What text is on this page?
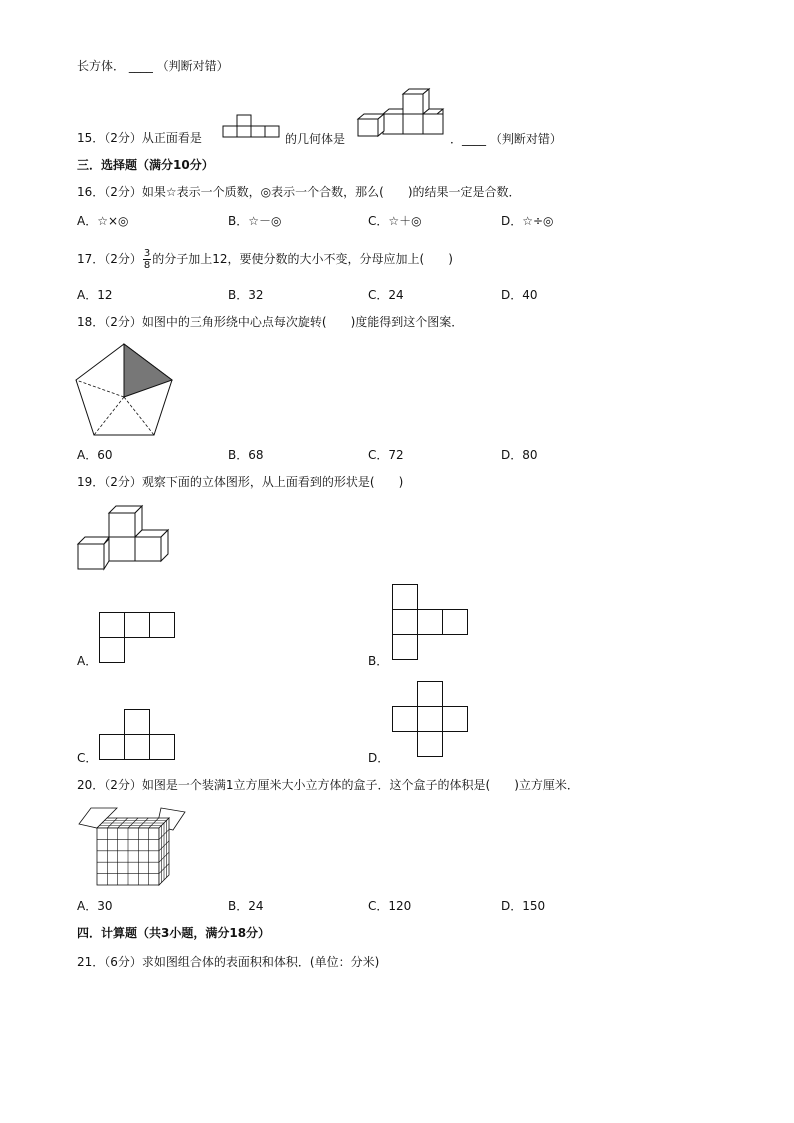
长方体． ____ （判断对错）
15．（2分）从正面看是	的几何体是	．____ （判断对错）
三．选择题（满分10分）
16．（2分）如果☆表示一个质数，◎表示一个合数，那么(　　)的结果一定是合数．
A．☆×◎	B．☆－◎	C．☆＋◎	D．☆÷◎
17．（2分） $\frac{3}{8}$ 的分子加上12，要使分数的大小不变，分母应加上(　　)
A．12	B．32	C．24	D．40
18．（2分）如图中的三角形绕中心点每次旋转(　　)度能得到这个图案．
A．60	B．68	C．72	D．80
19．（2分）观察下面的立体图形，从上面看到的形状是(　　)
A．	B．
C．	D．
20．（2分）如图是一个装满1立方厘米大小立方体的盒子．这个盒子的体积是(　　)立方厘米．
A．30	B．24	C．120	D．150
四．计算题（共3小题，满分18分）
21．（6分）求如图组合体的表面积和体积．(单位：分米)
